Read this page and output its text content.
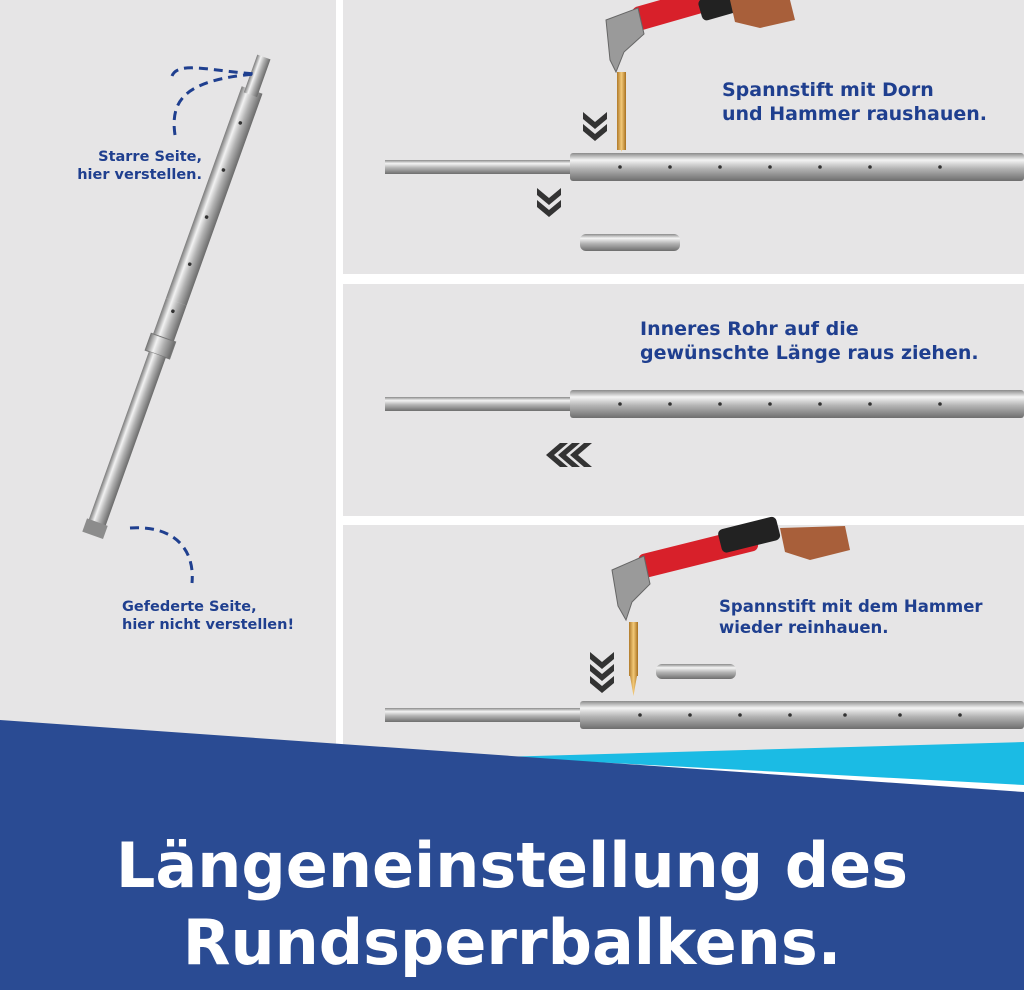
Starre Seite,
hier verstellen.
Gefederte Seite,
hier nicht verstellen!
Spannstift mit Dorn
und Hammer raushauen.
Inneres Rohr auf die
gewünschte Länge raus ziehen.
Spannstift mit dem Hammer
wieder reinhauen.
Längeneinstellung des
Rundsperrbalkens.
